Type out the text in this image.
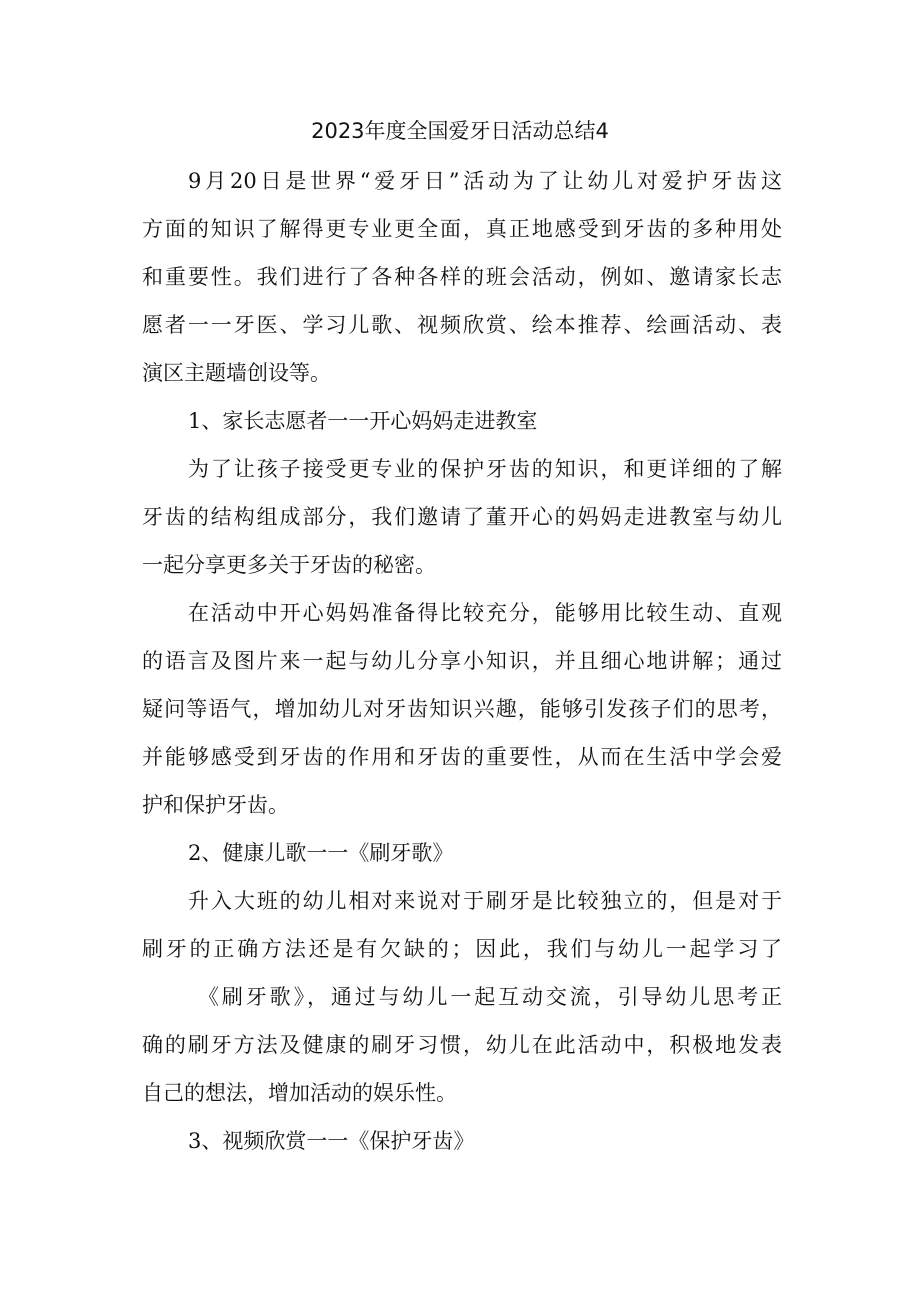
2023年度全国爱牙日活动总结4
9月20日是世界“爱牙日”活动为了让幼儿对爱护牙齿这
方面的知识了解得更专业更全面，真正地感受到牙齿的多种用处
和重要性。我们进行了各种各样的班会活动，例如、邀请家长志
愿者一一牙医、学习儿歌、视频欣赏、绘本推荐、绘画活动、表
演区主题墙创设等。
1、家长志愿者一一开心妈妈走进教室
为了让孩子接受更专业的保护牙齿的知识，和更详细的了解
牙齿的结构组成部分，我们邀请了董开心的妈妈走进教室与幼儿
一起分享更多关于牙齿的秘密。
在活动中开心妈妈准备得比较充分，能够用比较生动、直观
的语言及图片来一起与幼儿分享小知识，并且细心地讲解；通过
疑问等语气，增加幼儿对牙齿知识兴趣，能够引发孩子们的思考，
并能够感受到牙齿的作用和牙齿的重要性，从而在生活中学会爱
护和保护牙齿。
2、健康儿歌一一《刷牙歌》
升入大班的幼儿相对来说对于刷牙是比较独立的，但是对于
刷牙的正确方法还是有欠缺的；因此，我们与幼儿一起学习了
《刷牙歌》，通过与幼儿一起互动交流，引导幼儿思考正
确的刷牙方法及健康的刷牙习惯，幼儿在此活动中，积极地发表
自己的想法，增加活动的娱乐性。
3、视频欣赏一一《保护牙齿》
